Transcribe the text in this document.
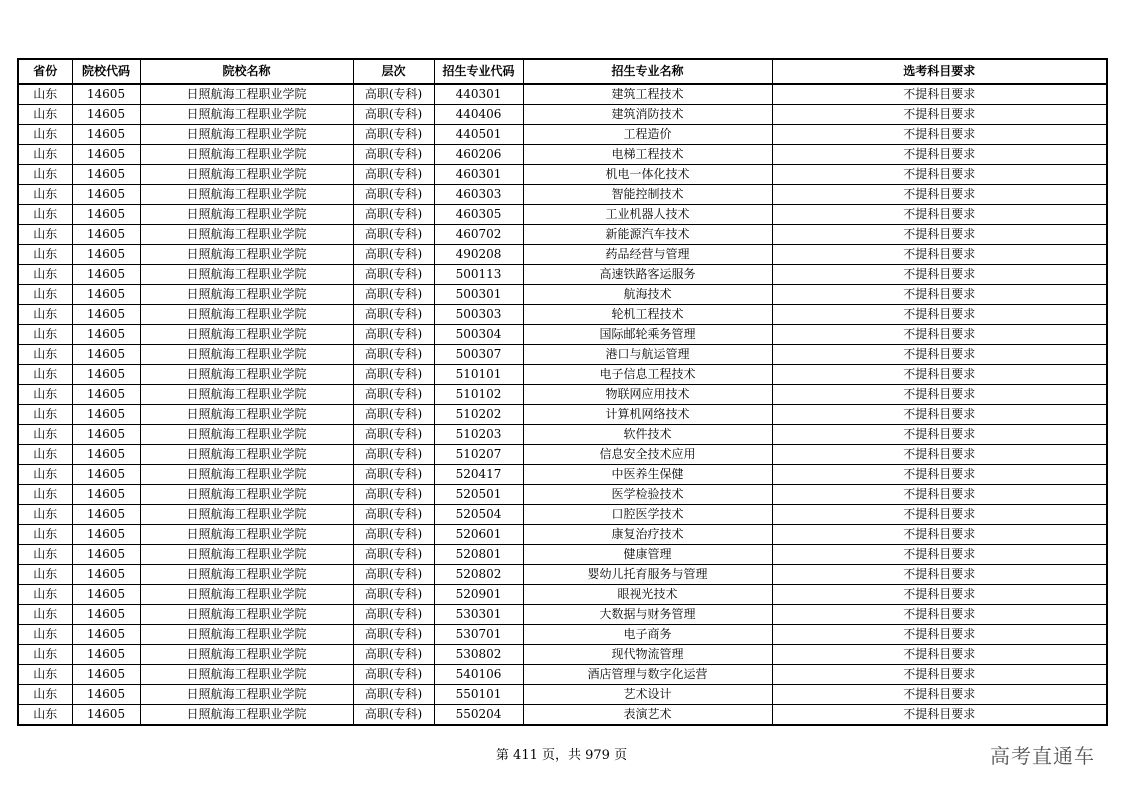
省份	院校代码	院校名称	层次	招生专业代码	招生专业名称	选考科目要求
山东	14605	日照航海工程职业学院	高职(专科)	440301	建筑工程技术	不提科目要求
山东	14605	日照航海工程职业学院	高职(专科)	440406	建筑消防技术	不提科目要求
山东	14605	日照航海工程职业学院	高职(专科)	440501	工程造价	不提科目要求
山东	14605	日照航海工程职业学院	高职(专科)	460206	电梯工程技术	不提科目要求
山东	14605	日照航海工程职业学院	高职(专科)	460301	机电一体化技术	不提科目要求
山东	14605	日照航海工程职业学院	高职(专科)	460303	智能控制技术	不提科目要求
山东	14605	日照航海工程职业学院	高职(专科)	460305	工业机器人技术	不提科目要求
山东	14605	日照航海工程职业学院	高职(专科)	460702	新能源汽车技术	不提科目要求
山东	14605	日照航海工程职业学院	高职(专科)	490208	药品经营与管理	不提科目要求
山东	14605	日照航海工程职业学院	高职(专科)	500113	高速铁路客运服务	不提科目要求
山东	14605	日照航海工程职业学院	高职(专科)	500301	航海技术	不提科目要求
山东	14605	日照航海工程职业学院	高职(专科)	500303	轮机工程技术	不提科目要求
山东	14605	日照航海工程职业学院	高职(专科)	500304	国际邮轮乘务管理	不提科目要求
山东	14605	日照航海工程职业学院	高职(专科)	500307	港口与航运管理	不提科目要求
山东	14605	日照航海工程职业学院	高职(专科)	510101	电子信息工程技术	不提科目要求
山东	14605	日照航海工程职业学院	高职(专科)	510102	物联网应用技术	不提科目要求
山东	14605	日照航海工程职业学院	高职(专科)	510202	计算机网络技术	不提科目要求
山东	14605	日照航海工程职业学院	高职(专科)	510203	软件技术	不提科目要求
山东	14605	日照航海工程职业学院	高职(专科)	510207	信息安全技术应用	不提科目要求
山东	14605	日照航海工程职业学院	高职(专科)	520417	中医养生保健	不提科目要求
山东	14605	日照航海工程职业学院	高职(专科)	520501	医学检验技术	不提科目要求
山东	14605	日照航海工程职业学院	高职(专科)	520504	口腔医学技术	不提科目要求
山东	14605	日照航海工程职业学院	高职(专科)	520601	康复治疗技术	不提科目要求
山东	14605	日照航海工程职业学院	高职(专科)	520801	健康管理	不提科目要求
山东	14605	日照航海工程职业学院	高职(专科)	520802	婴幼儿托育服务与管理	不提科目要求
山东	14605	日照航海工程职业学院	高职(专科)	520901	眼视光技术	不提科目要求
山东	14605	日照航海工程职业学院	高职(专科)	530301	大数据与财务管理	不提科目要求
山东	14605	日照航海工程职业学院	高职(专科)	530701	电子商务	不提科目要求
山东	14605	日照航海工程职业学院	高职(专科)	530802	现代物流管理	不提科目要求
山东	14605	日照航海工程职业学院	高职(专科)	540106	酒店管理与数字化运营	不提科目要求
山东	14605	日照航海工程职业学院	高职(专科)	550101	艺术设计	不提科目要求
山东	14605	日照航海工程职业学院	高职(专科)	550204	表演艺术	不提科目要求
第 411 页，共 979 页	高考直通车
